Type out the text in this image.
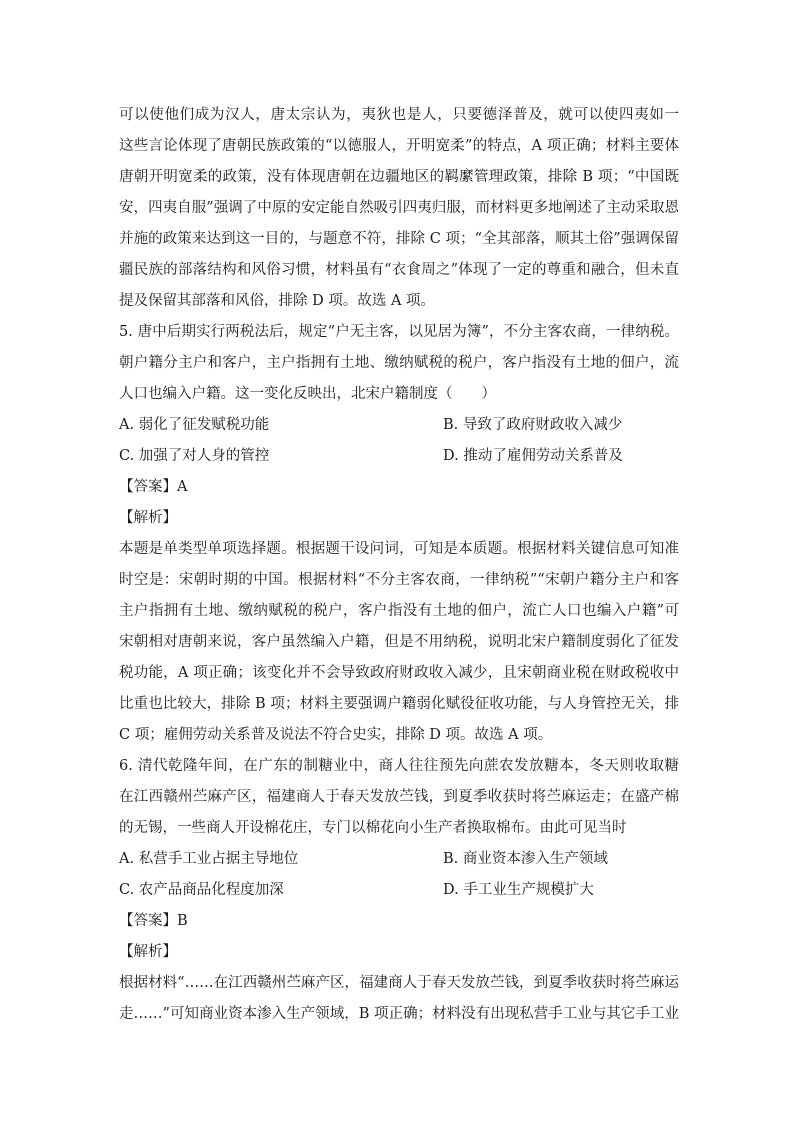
可以使他们成为汉人，唐太宗认为，夷狄也是人，只要德泽普及，就可以使四夷如一
这些言论体现了唐朝民族政策的“以德服人，开明宽柔”的特点，A 项正确；材料主要体
唐朝开明宽柔的政策，没有体现唐朝在边疆地区的羁縻管理政策，排除 B 项；“中国既
安，四夷自服”强调了中原的安定能自然吸引四夷归服，而材料更多地阐述了主动采取恩
并施的政策来达到这一目的，与题意不符，排除 C 项；“全其部落，顺其土俗”强调保留
疆民族的部落结构和风俗习惯，材料虽有“衣食周之”体现了一定的尊重和融合，但未直
提及保留其部落和风俗，排除 D 项。故选 A 项。
5. 唐中后期实行两税法后，规定“户无主客，以见居为簿”，不分主客农商，一律纳税。
朝户籍分主户和客户，主户指拥有土地、缴纳赋税的税户，客户指没有土地的佃户，流
人口也编入户籍。这一变化反映出，北宋户籍制度（　　）
A. 弱化了征发赋税功能	B. 导致了政府财政收入减少
C. 加强了对人身的管控	D. 推动了雇佣劳动关系普及
【答案】A
【解析】
本题是单类型单项选择题。根据题干设问词，可知是本质题。根据材料关键信息可知准
时空是：宋朝时期的中国。根据材料“不分主客农商，一律纳税”“宋朝户籍分主户和客
主户指拥有土地、缴纳赋税的税户，客户指没有土地的佃户，流亡人口也编入户籍”可
宋朝相对唐朝来说，客户虽然编入户籍，但是不用纳税，说明北宋户籍制度弱化了征发
税功能，A 项正确；该变化并不会导致政府财政收入减少，且宋朝商业税在财政税收中
比重也比较大，排除 B 项；材料主要强调户籍弱化赋役征收功能，与人身管控无关，排
C 项；雇佣劳动关系普及说法不符合史实，排除 D 项。故选 A 项。
6. 清代乾隆年间，在广东的制糖业中，商人往往预先向蔗农发放糖本，冬天则收取糖
在江西赣州苎麻产区，福建商人于春天发放苎钱，到夏季收获时将苎麻运走；在盛产棉
的无锡，一些商人开设棉花庄，专门以棉花向小生产者换取棉布。由此可见当时
A. 私营手工业占据主导地位	B. 商业资本渗入生产领域
C. 农产品商品化程度加深	D. 手工业生产规模扩大
【答案】B
【解析】
根据材料“……在江西赣州苎麻产区，福建商人于春天发放苎钱，到夏季收获时将苎麻运
走……”可知商业资本渗入生产领域，B 项正确；材料没有出现私营手工业与其它手工业
